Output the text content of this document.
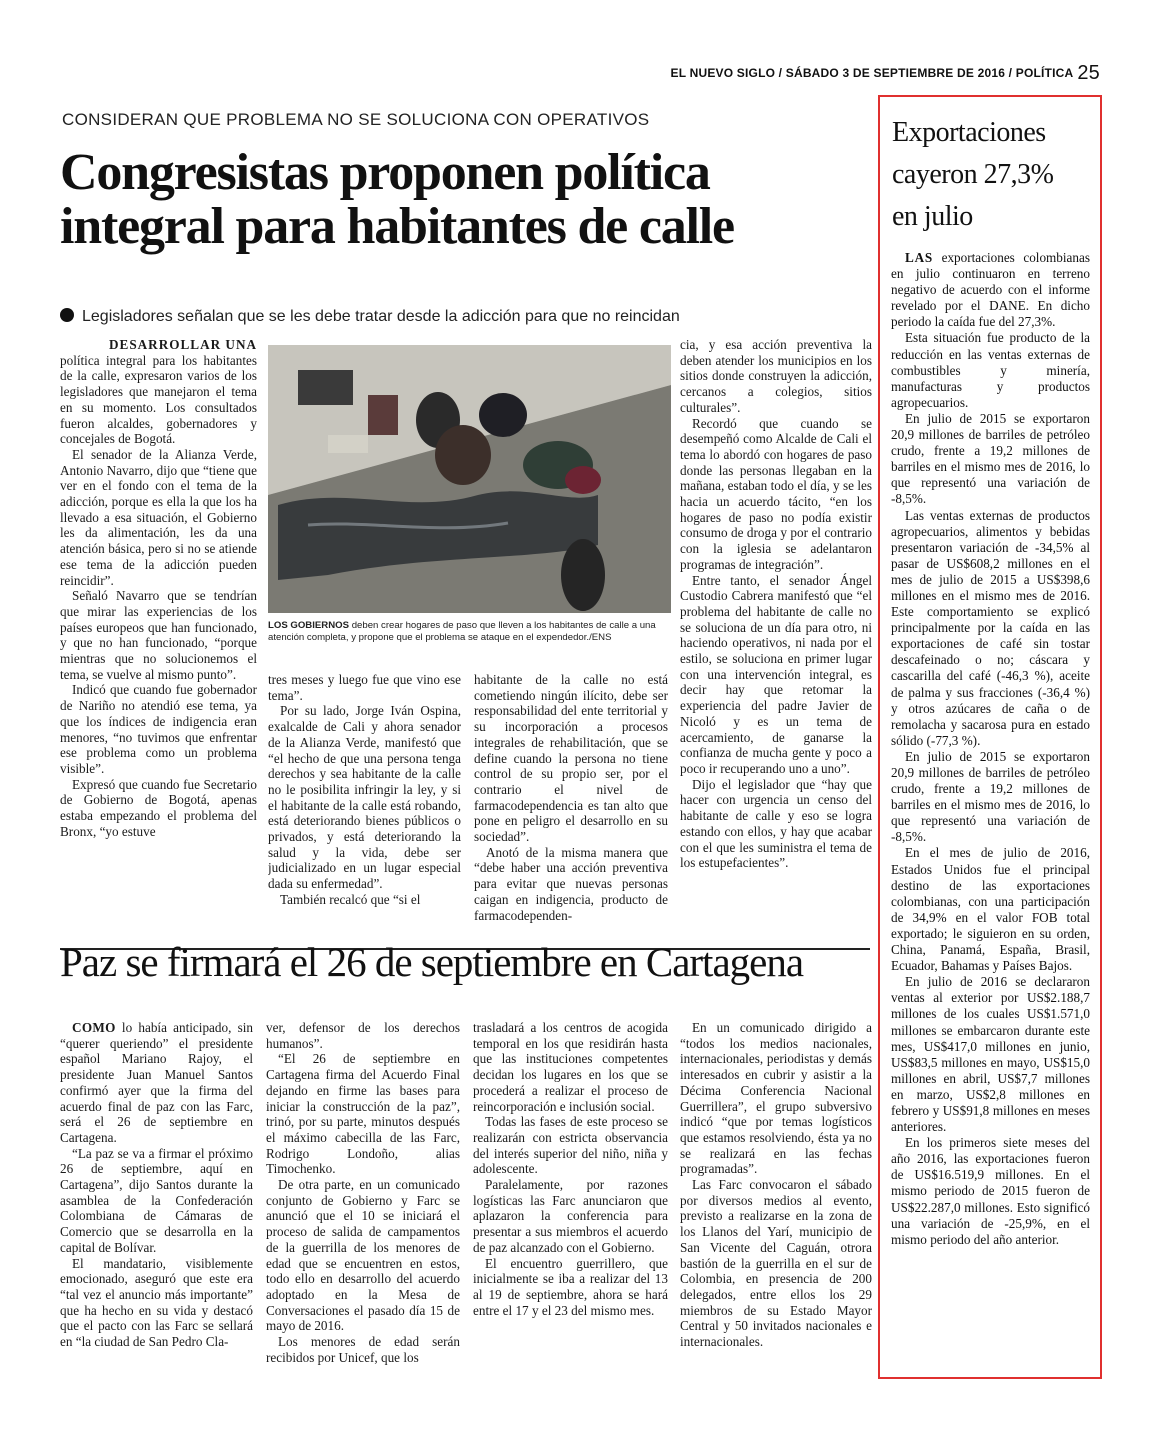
EL NUEVO SIGLO / SÁBADO 3 DE SEPTIEMBRE DE 2016 / POLÍTICA 25
CONSIDERAN QUE PROBLEMA NO SE SOLUCIONA CON OPERATIVOS
Congresistas proponen política
integral para habitantes de calle
Legisladores señalan que se les debe tratar desde la adicción para que no reincidan

DESARROLLAR UNA
política integral para los habitantes de la calle, expresaron varios de los legisladores que manejaron el tema en su momento. Los consultados fueron alcaldes, gobernadores y concejales de Bogotá.

El senador de la Alianza Verde, Antonio Navarro, dijo que “tiene que ver en el fondo con el tema de la adicción, porque es ella la que los ha llevado a esa situación, el Gobierno les da alimentación, les da una atención básica, pero si no se atiende ese tema de la adicción pueden reincidir”.

Señaló Navarro que se tendrían que mirar las experiencias de los países europeos que han funcionado, y que no han funcionado, “porque mientras que no solucionemos el tema, se vuelve al mismo punto”.

Indicó que cuando fue gobernador de Nariño no atendió ese tema, ya que los índices de indigencia eran menores, “no tuvimos que enfrentar ese problema como un problema visible”.

Expresó que cuando fue Secretario de Gobierno de Bogotá, apenas estaba empezando el problema del Bronx, “yo estuve

LOS GOBIERNOS deben crear hogares de paso que lleven a los habitantes de calle a una atención completa, y propone que el problema se ataque en el expendedor./ENS

tres meses y luego fue que vino ese tema”.

Por su lado, Jorge Iván Ospina, exalcalde de Cali y ahora senador de la Alianza Verde, manifestó que “el hecho de que una persona tenga derechos y sea habitante de la calle no le posibilita infringir la ley, y si el habitante de la calle está robando, está deteriorando bienes públicos o privados, y está deteriorando la salud y la vida, debe ser judicializado en un lugar especial dada su enfermedad”.

También recalcó que “si el

habitante de la calle no está cometiendo ningún ilícito, debe ser responsabilidad del ente territorial y su incorporación a procesos integrales de rehabilitación, que se define cuando la persona no tiene control de su propio ser, por el contrario el nivel de farmacodependencia es tan alto que pone en peligro el desarrollo en su sociedad”.

Anotó de la misma manera que “debe haber una acción preventiva para evitar que nuevas personas caigan en indigencia, producto de farmacodependen-

cia, y esa acción preventiva la deben atender los municipios en los sitios donde construyen la adicción, cercanos a colegios, sitios culturales”.

Recordó que cuando se desempeñó como Alcalde de Cali el tema lo abordó con hogares de paso donde las personas llegaban en la mañana, estaban todo el día, y se les hacia un acuerdo tácito, “en los hogares de paso no podía existir consumo de droga y por el contrario con la iglesia se adelantaron programas de integración”.

Entre tanto, el senador Ángel Custodio Cabrera manifestó que “el problema del habitante de calle no se soluciona de un día para otro, ni haciendo operativos, ni nada por el estilo, se soluciona en primer lugar con una intervención integral, es decir hay que retomar la experiencia del padre Javier de Nicoló y es un tema de acercamiento, de ganarse la confianza de mucha gente y poco a poco ir recuperando uno a uno”.

Dijo el legislador que “hay que hacer con urgencia un censo del habitante de calle y eso se logra estando con ellos, y hay que acabar con el que les suministra el tema de los estupefacientes”.

Paz se firmará el 26 de septiembre en Cartagena

COMO lo había anticipado, sin “querer queriendo” el presidente español Mariano Rajoy, el presidente Juan Manuel Santos confirmó ayer que la firma del acuerdo final de paz con las Farc, será el 26 de septiembre en Cartagena.

“La paz se va a firmar el próximo 26 de septiembre, aquí en Cartagena”, dijo Santos durante la asamblea de la Confederación Colombiana de Cámaras de Comercio que se desarrolla en la capital de Bolívar.

El mandatario, visiblemente emocionado, aseguró que este era “tal vez el anuncio más importante” que ha hecho en su vida y destacó que el pacto con las Farc se sellará en “la ciudad de San Pedro Cla-

ver, defensor de los derechos humanos”.

“El 26 de septiembre en Cartagena firma del Acuerdo Final dejando en firme las bases para iniciar la construcción de la paz”, trinó, por su parte, minutos después el máximo cabecilla de las Farc, Rodrigo Londoño, alias Timochenko.

De otra parte, en un comunicado conjunto de Gobierno y Farc se anunció que el 10 se iniciará el proceso de salida de campamentos de la guerrilla de los menores de edad que se encuentren en estos, todo ello en desarrollo del acuerdo adoptado en la Mesa de Conversaciones el pasado día 15 de mayo de 2016.

Los menores de edad serán recibidos por Unicef, que los

trasladará a los centros de acogida temporal en los que residirán hasta que las instituciones competentes decidan los lugares en los que se procederá a realizar el proceso de reincorporación e inclusión social.

Todas las fases de este proceso se realizarán con estricta observancia del interés superior del niño, niña y adolescente.

Paralelamente, por razones logísticas las Farc anunciaron que aplazaron la conferencia para presentar a sus miembros el acuerdo de paz alcanzado con el Gobierno.

El encuentro guerrillero, que inicialmente se iba a realizar del 13 al 19 de septiembre, ahora se hará entre el 17 y el 23 del mismo mes.

En un comunicado dirigido a “todos los medios nacionales, internacionales, periodistas y demás interesados en cubrir y asistir a la Décima Conferencia Nacional Guerrillera”, el grupo subversivo indicó “que por temas logísticos que estamos resolviendo, ésta ya no se realizará en las fechas programadas”.

Las Farc convocaron el sábado por diversos medios al evento, previsto a realizarse en la zona de los Llanos del Yarí, municipio de San Vicente del Caguán, otrora bastión de la guerrilla en el sur de Colombia, en presencia de 200 delegados, entre ellos los 29 miembros de su Estado Mayor Central y 50 invitados nacionales e internacionales.

Exportaciones
cayeron 27,3%
en julio

LAS exportaciones colombianas en julio continuaron en terreno negativo de acuerdo con el informe revelado por el DANE. En dicho periodo la caída fue del 27,3%.

Esta situación fue producto de la reducción en las ventas externas de combustibles y minería, manufacturas y productos agropecuarios.

En julio de 2015 se exportaron 20,9 millones de barriles de petróleo crudo, frente a 19,2 millones de barriles en el mismo mes de 2016, lo que representó una variación de -8,5%.

Las ventas externas de productos agropecuarios, alimentos y bebidas presentaron variación de -34,5% al pasar de US$608,2 millones en el mes de julio de 2015 a US$398,6 millones en el mismo mes de 2016. Este comportamiento se explicó principalmente por la caída en las exportaciones de café sin tostar descafeinado o no; cáscara y cascarilla del café (-46,3 %), aceite de palma y sus fracciones (-36,4 %) y otros azúcares de caña o de remolacha y sacarosa pura en estado sólido (-77,3 %).

En julio de 2015 se exportaron 20,9 millones de barriles de petróleo crudo, frente a 19,2 millones de barriles en el mismo mes de 2016, lo que representó una variación de -8,5%.

En el mes de julio de 2016, Estados Unidos fue el principal destino de las exportaciones colombianas, con una participación de 34,9% en el valor FOB total exportado; le siguieron en su orden, China, Panamá, España, Brasil, Ecuador, Bahamas y Países Bajos.

En julio de 2016 se declararon ventas al exterior por US$2.188,7 millones de los cuales US$1.571,0 millones se embarcaron durante este mes, US$417,0 millones en junio, US$83,5 millones en mayo, US$15,0 millones en abril, US$7,7 millones en marzo, US$2,8 millones en febrero y US$91,8 millones en meses anteriores.

En los primeros siete meses del año 2016, las exportaciones fueron de US$16.519,9 millones. En el mismo periodo de 2015 fueron de US$22.287,0 millones. Esto significó una variación de -25,9%, en el mismo periodo del año anterior.
